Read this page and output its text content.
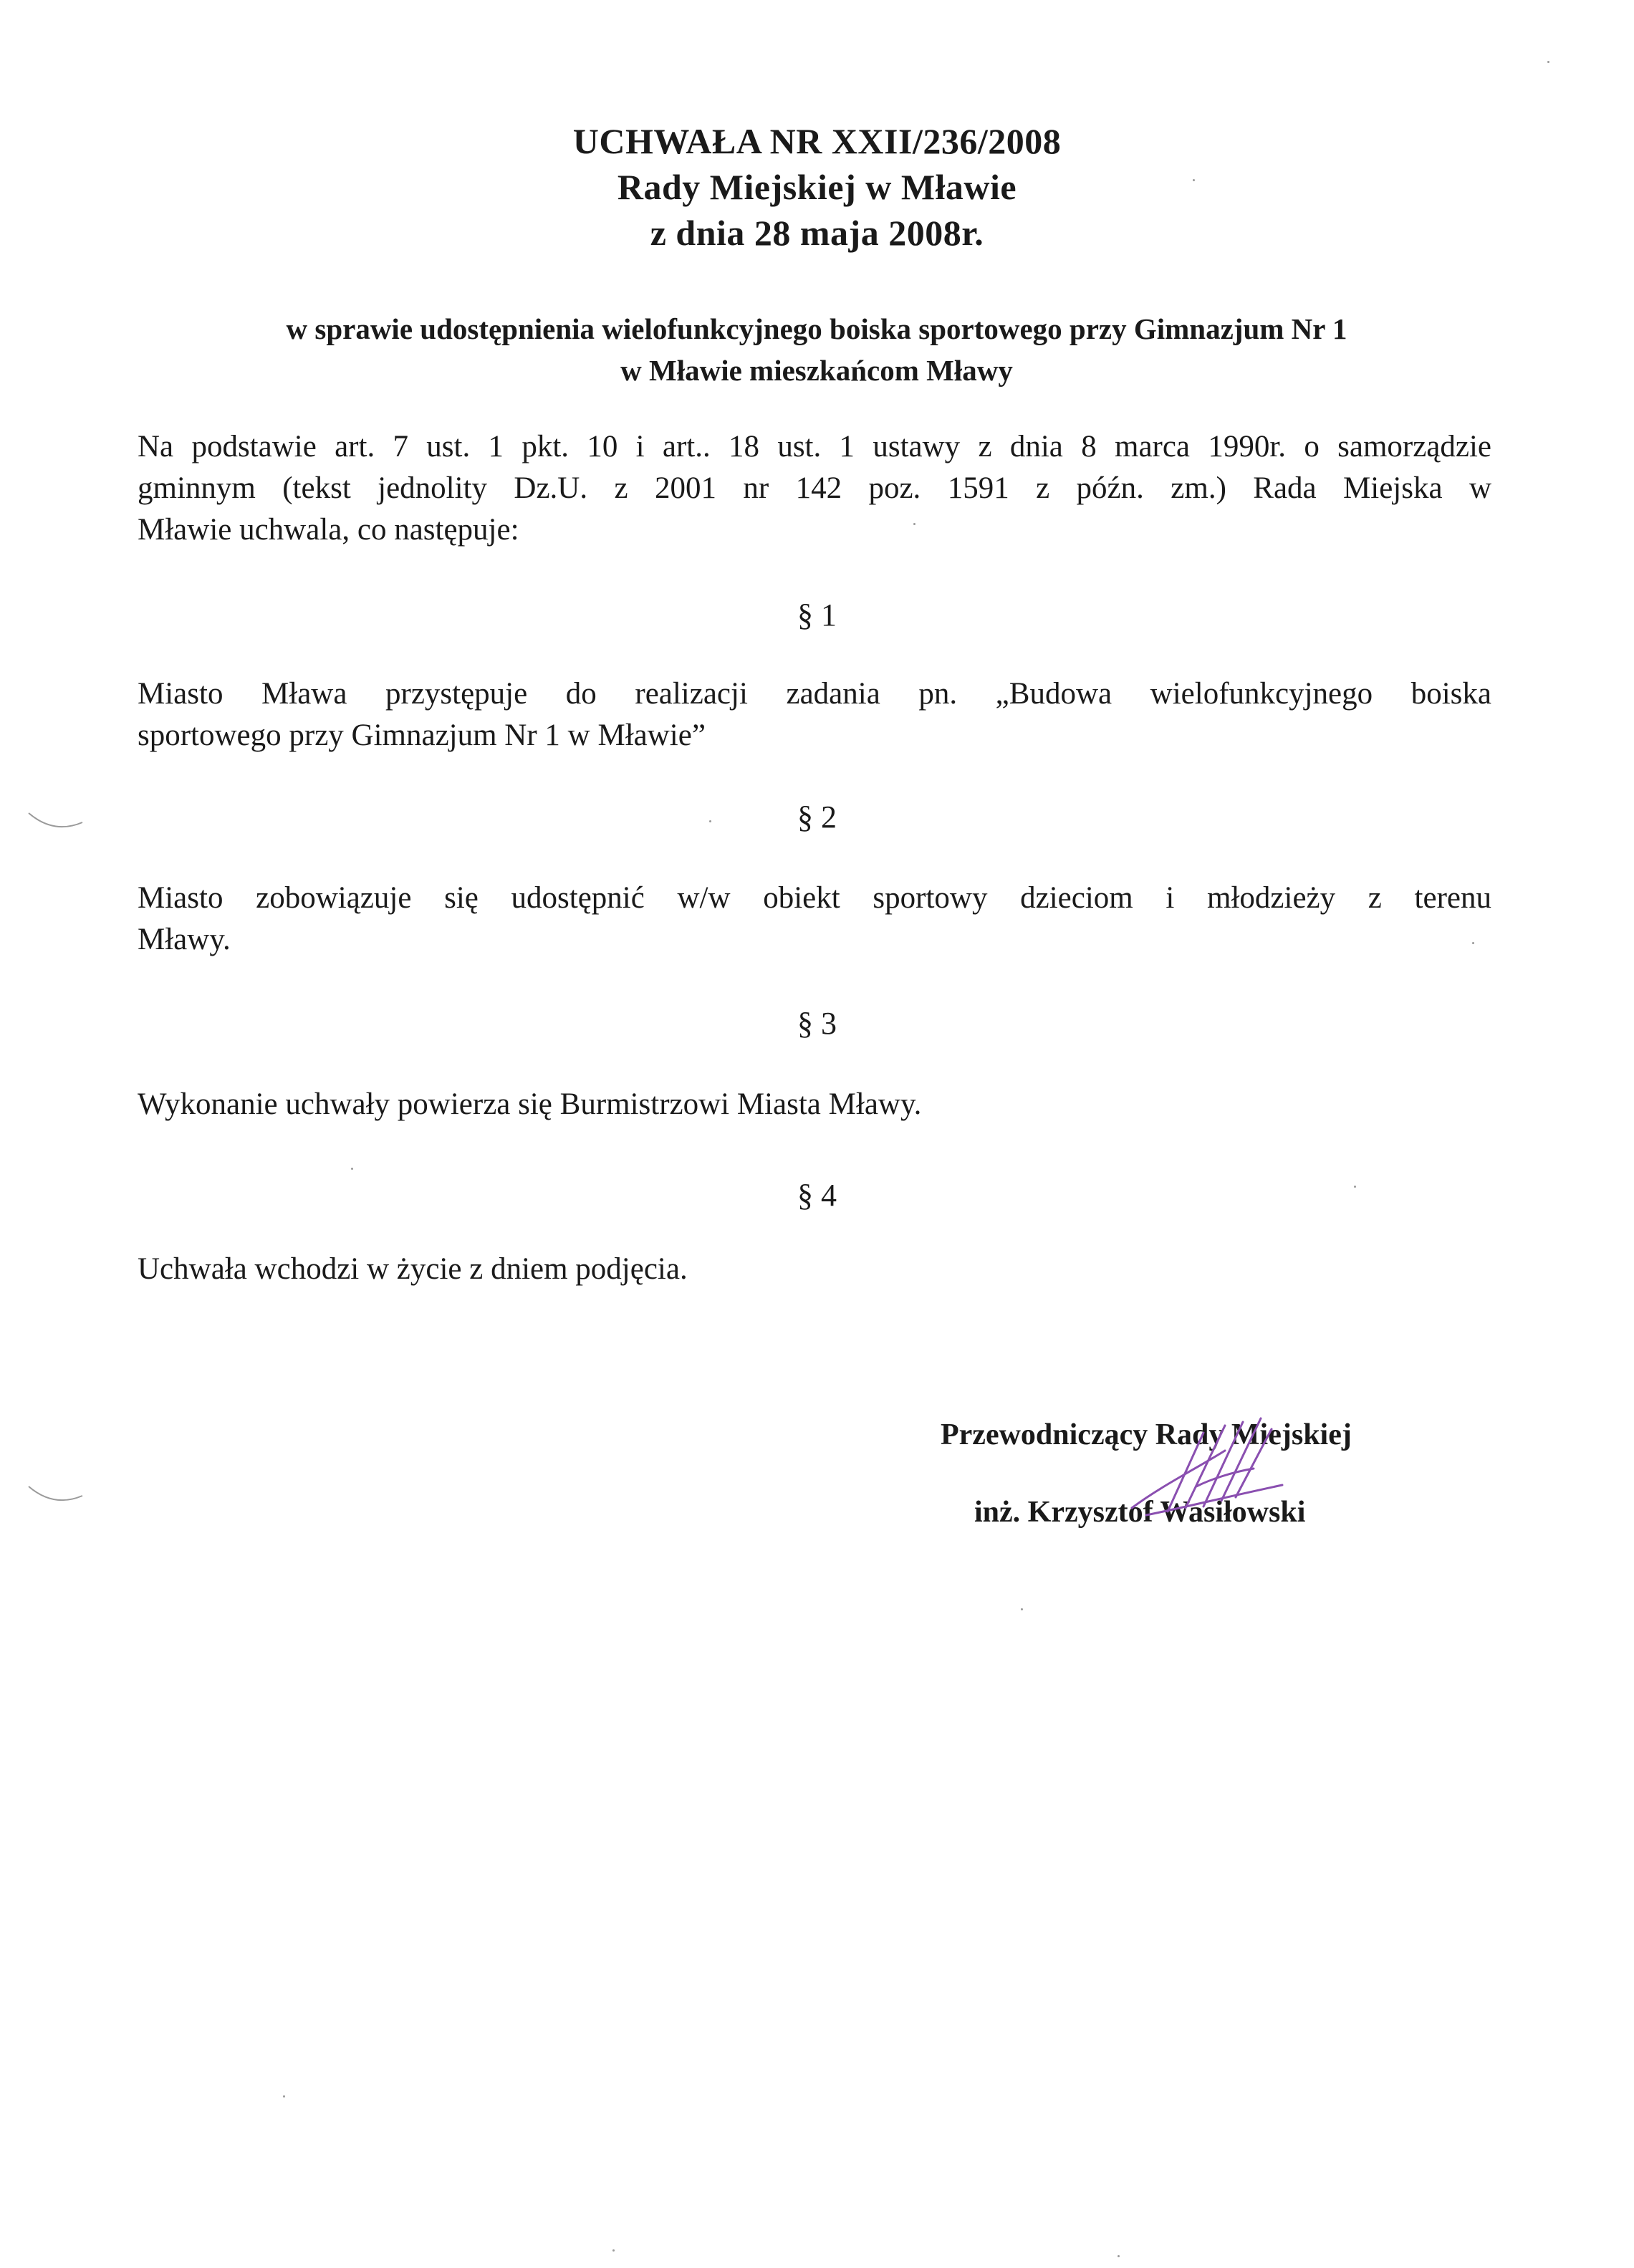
UCHWAŁA NR XXII/236/2008
Rady Miejskiej w Mławie
z dnia 28 maja 2008r.
w sprawie udostępnienia wielofunkcyjnego boiska sportowego przy Gimnazjum Nr 1
w Mławie mieszkańcom Mławy
Na podstawie art. 7 ust. 1 pkt. 10 i art.. 18 ust. 1 ustawy z dnia 8 marca 1990r. o samorządzie
gminnym (tekst jednolity Dz.U. z 2001 nr 142 poz. 1591 z późn. zm.) Rada Miejska w
Mławie uchwala, co następuje:
§ 1
Miasto Mława przystępuje do realizacji zadania pn. „Budowa wielofunkcyjnego boiska
sportowego przy Gimnazjum Nr 1 w Mławie”
§ 2
Miasto zobowiązuje się udostępnić w/w obiekt sportowy dzieciom i młodzieży z terenu
Mławy.
§ 3
Wykonanie uchwały powierza się Burmistrzowi Miasta Mławy.
§ 4
Uchwała wchodzi w życie z dniem podjęcia.
Przewodniczący Rady Miejskiej
inż. Krzysztof Wasiłowski
